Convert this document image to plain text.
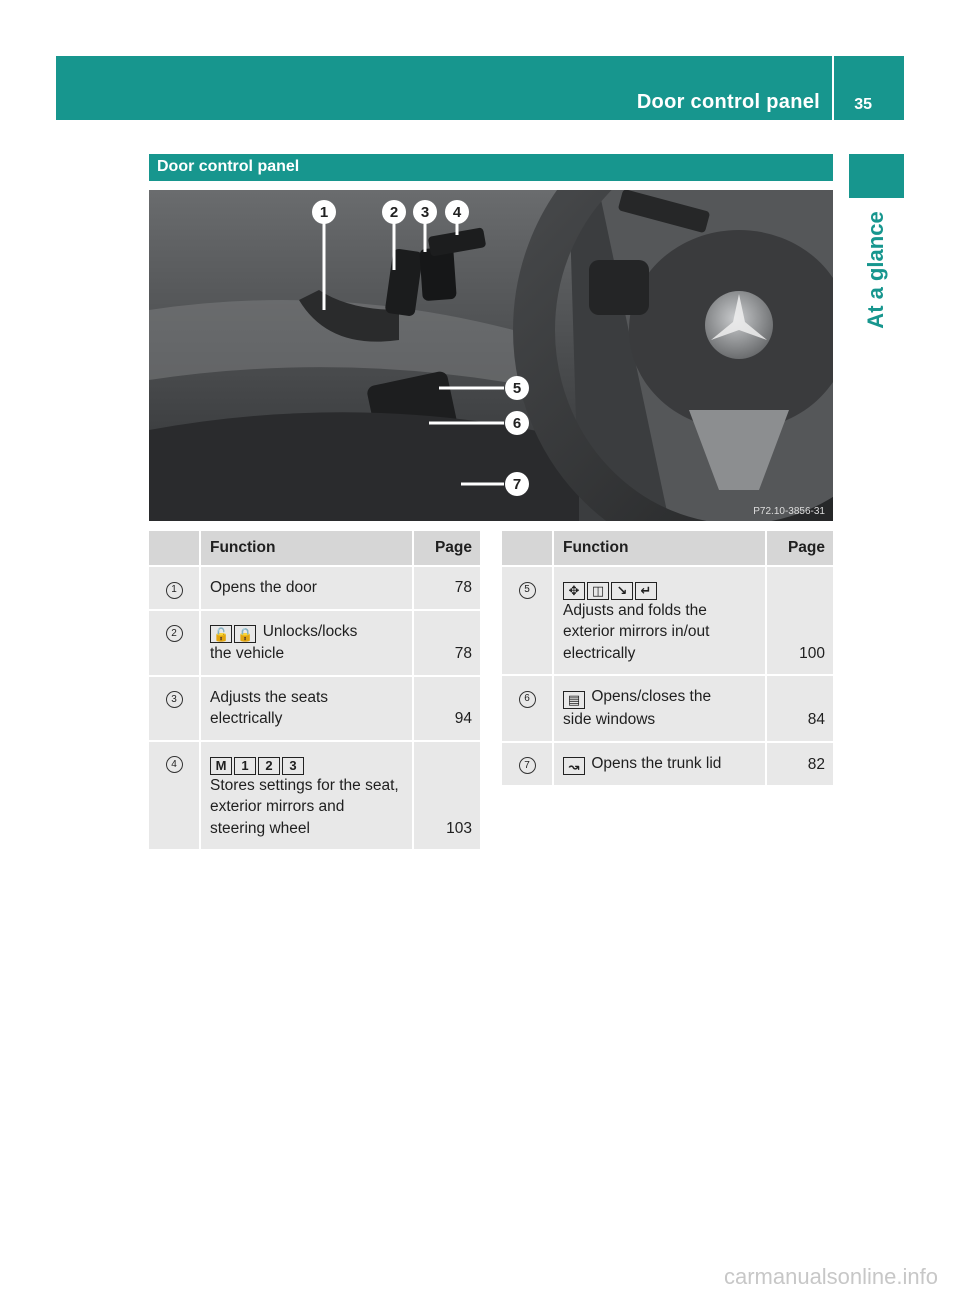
Door control panel 35
At a glance
Door control panel
1	2 3 4
5
6
7
P72.10-3856-31
	Function	Page
1	Opens the door	78
2	🔓 🔒 Unlocks/locks
the vehicle	78
3	Adjusts the seats
electrically	94
4	M 1 2 3
Stores settings for the seat,
exterior mirrors and
steering wheel	103
	Function	Page
5	✥ ◫ ↘ ↵
Adjusts and folds the
exterior mirrors in/out
electrically	100
6	▤ Opens/closes the
side windows	84
7	↝ Opens the trunk lid	82
carmanualsonline.info
